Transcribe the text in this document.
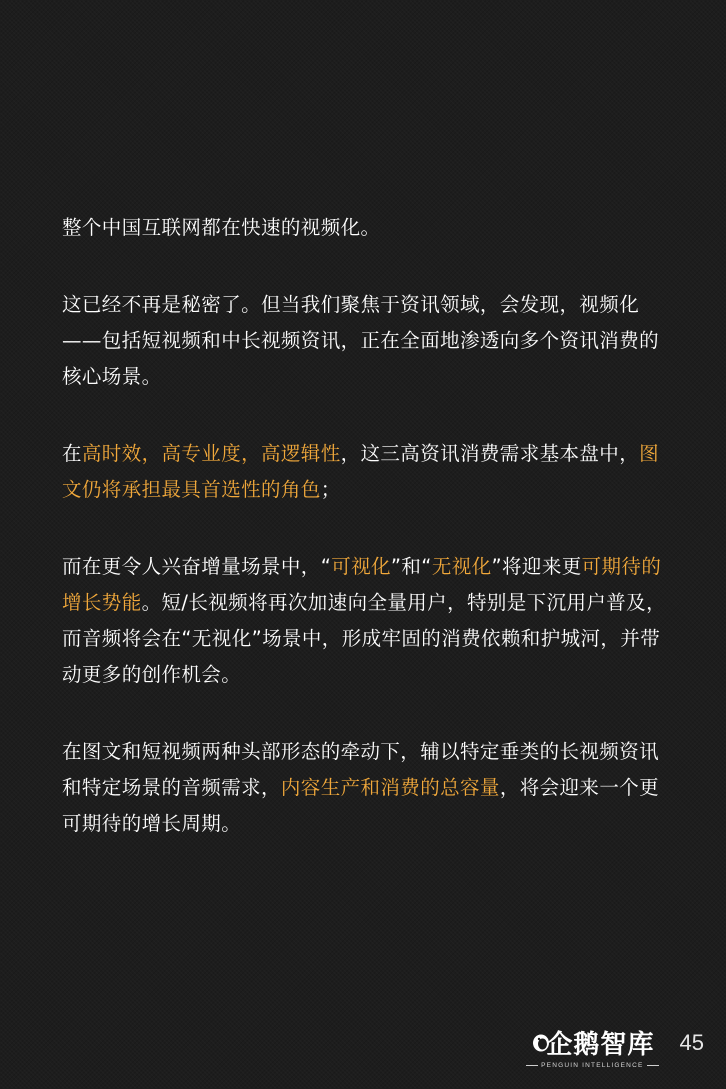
整个中国互联网都在快速的视频化。

这已经不再是秘密了。但当我们聚焦于资讯领域，会发现，视频化——包括短视频和中长视频资讯，正在全面地渗透向多个资讯消费的核心场景。

在高时效，高专业度，高逻辑性，这三高资讯消费需求基本盘中，图文仍将承担最具首选性的角色；

而在更令人兴奋增量场景中，“可视化”和“无视化”将迎来更可期待的增长势能。短/长视频将再次加速向全量用户，特别是下沉用户普及，而音频将会在“无视化”场景中，形成牢固的消费依赖和护城河，并带动更多的创作机会。

在图文和短视频两种头部形态的牵动下，辅以特定垂类的长视频资讯和特定场景的音频需求，内容生产和消费的总容量，将会迎来一个更可期待的增长周期。

企鹅智库
PENGUIN INTELLIGENCE
45
